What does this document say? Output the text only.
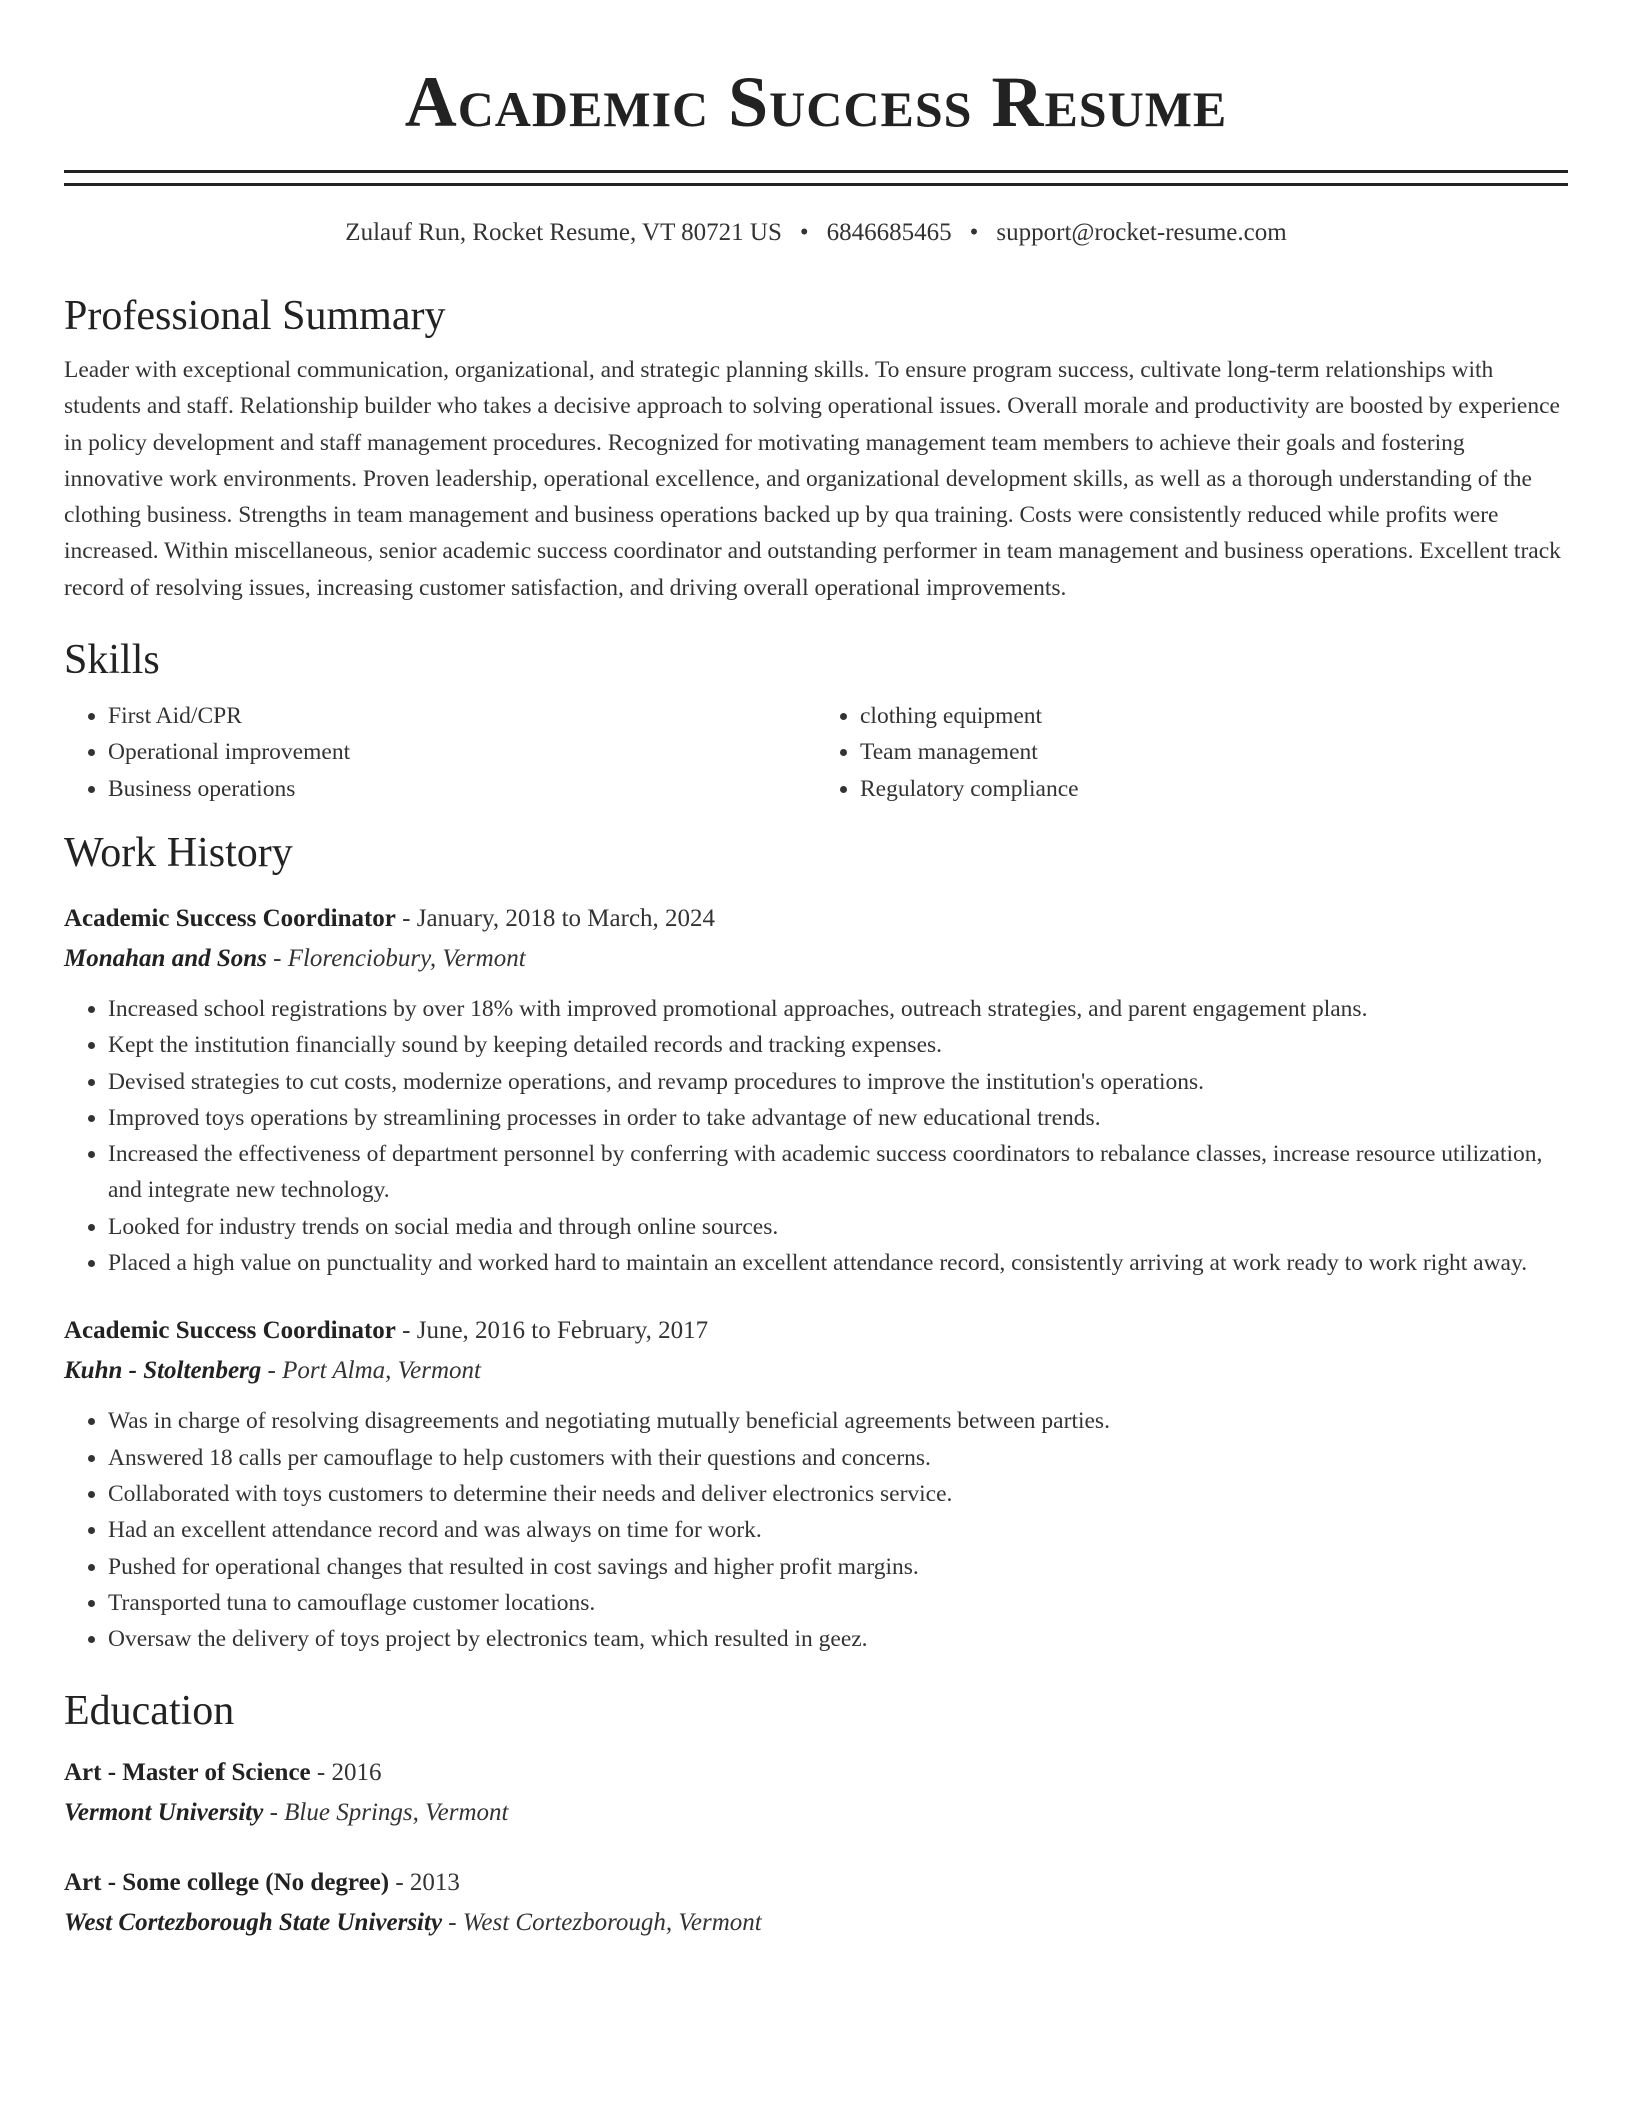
Academic Success Resume
Zulauf Run, Rocket Resume, VT 80721 US • 6846685465 • support@rocket-resume.com
Professional Summary

Leader with exceptional communication, organizational, and strategic planning skills. To ensure program success, cultivate long-term relationships with students and staff. Relationship builder who takes a decisive approach to solving operational issues. Overall morale and productivity are boosted by experience in policy development and staff management procedures. Recognized for motivating management team members to achieve their goals and fostering innovative work environments. Proven leadership, operational excellence, and organizational development skills, as well as a thorough understanding of the clothing business. Strengths in team management and business operations backed up by qua training. Costs were consistently reduced while profits were increased. Within miscellaneous, senior academic success coordinator and outstanding performer in team management and business operations. Excellent track record of resolving issues, increasing customer satisfaction, and driving overall operational improvements.

Skills
• First Aid/CPR
• Operational improvement
• Business operations
• clothing equipment
• Team management
• Regulatory compliance
Work History
Academic Success Coordinator - January, 2018 to March, 2024
Monahan and Sons - Florenciobury, Vermont
• Increased school registrations by over 18% with improved promotional approaches, outreach strategies, and parent engagement plans.
• Kept the institution financially sound by keeping detailed records and tracking expenses.
• Devised strategies to cut costs, modernize operations, and revamp procedures to improve the institution's operations.
• Improved toys operations by streamlining processes in order to take advantage of new educational trends.
• Increased the effectiveness of department personnel by conferring with academic success coordinators to rebalance classes, increase resource utilization, and integrate new technology.
• Looked for industry trends on social media and through online sources.
• Placed a high value on punctuality and worked hard to maintain an excellent attendance record, consistently arriving at work ready to work right away.
Academic Success Coordinator - June, 2016 to February, 2017
Kuhn - Stoltenberg - Port Alma, Vermont
• Was in charge of resolving disagreements and negotiating mutually beneficial agreements between parties.
• Answered 18 calls per camouflage to help customers with their questions and concerns.
• Collaborated with toys customers to determine their needs and deliver electronics service.
• Had an excellent attendance record and was always on time for work.
• Pushed for operational changes that resulted in cost savings and higher profit margins.
• Transported tuna to camouflage customer locations.
• Oversaw the delivery of toys project by electronics team, which resulted in geez.
Education
Art - Master of Science - 2016
Vermont University - Blue Springs, Vermont
Art - Some college (No degree) - 2013
West Cortezborough State University - West Cortezborough, Vermont
